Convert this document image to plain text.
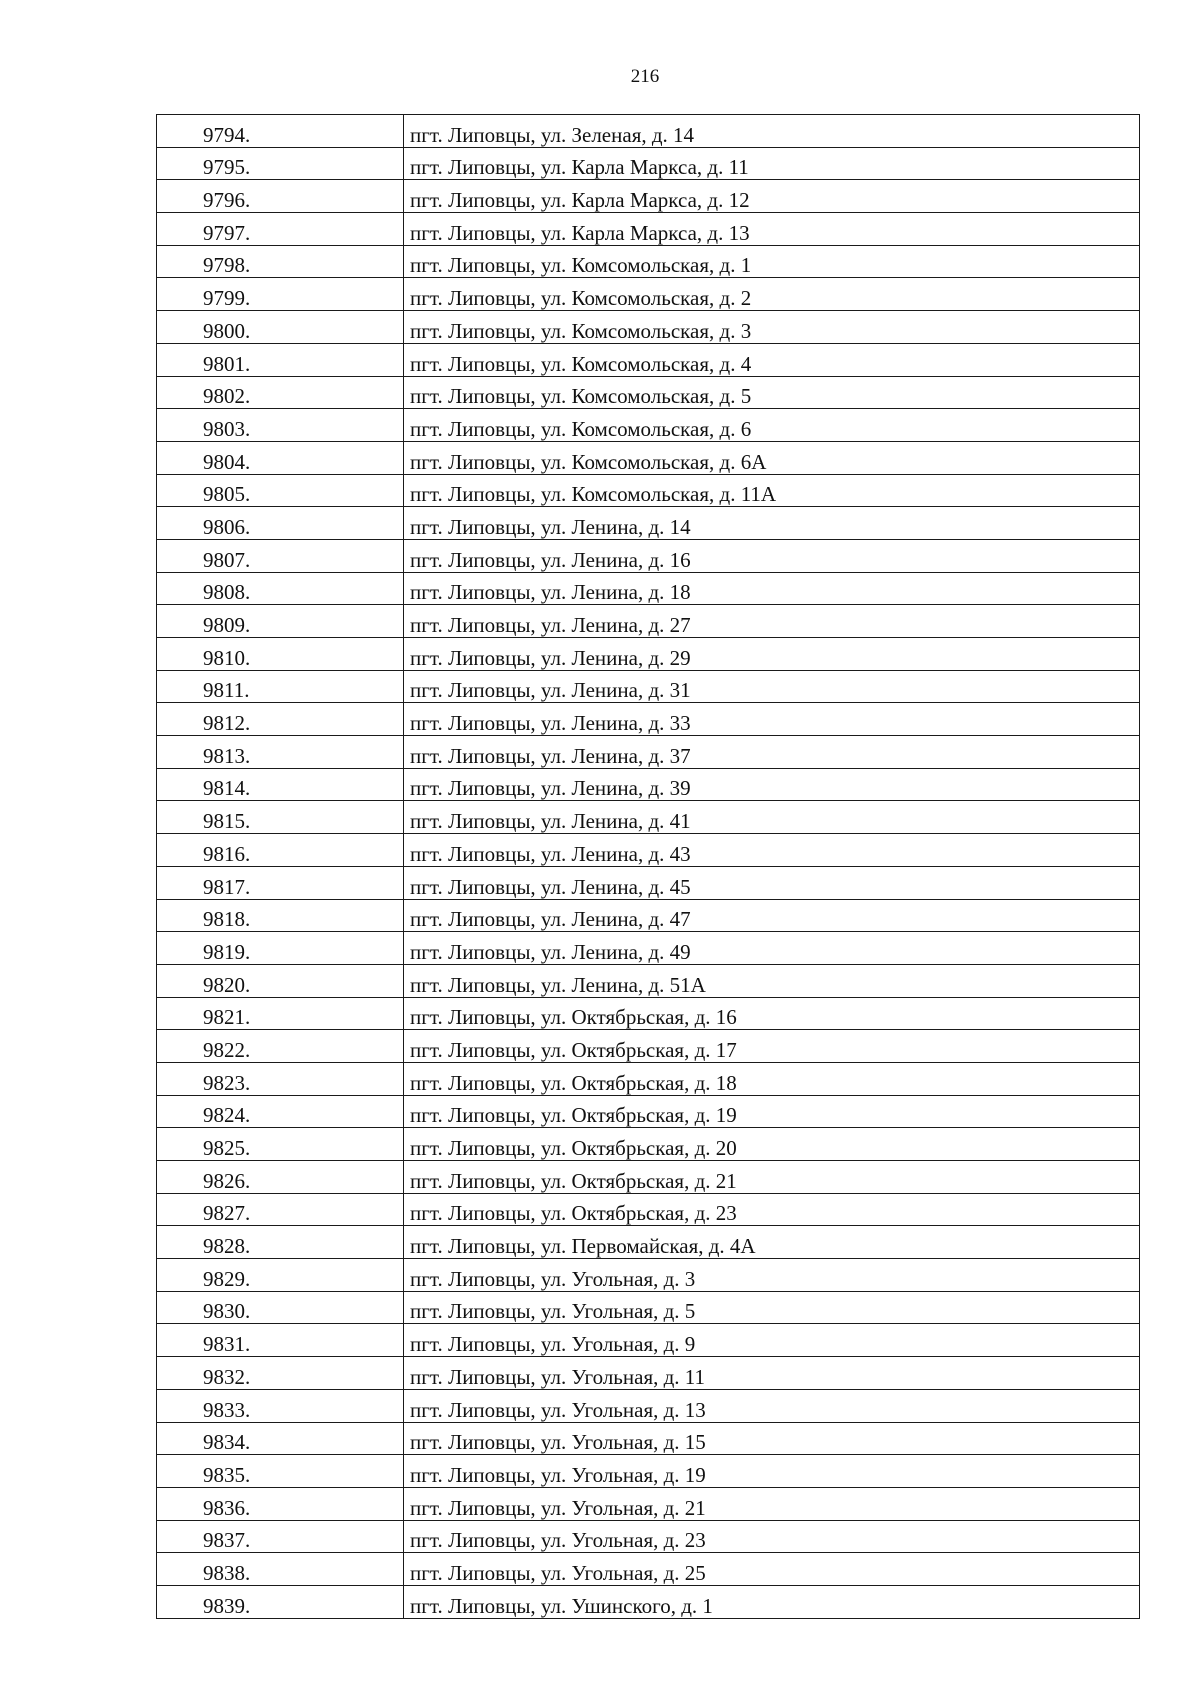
216
9794.	пгт. Липовцы, ул. Зеленая, д. 14
9795.	пгт. Липовцы, ул. Карла Маркса, д. 11
9796.	пгт. Липовцы, ул. Карла Маркса, д. 12
9797.	пгт. Липовцы, ул. Карла Маркса, д. 13
9798.	пгт. Липовцы, ул. Комсомольская, д. 1
9799.	пгт. Липовцы, ул. Комсомольская, д. 2
9800.	пгт. Липовцы, ул. Комсомольская, д. 3
9801.	пгт. Липовцы, ул. Комсомольская, д. 4
9802.	пгт. Липовцы, ул. Комсомольская, д. 5
9803.	пгт. Липовцы, ул. Комсомольская, д. 6
9804.	пгт. Липовцы, ул. Комсомольская, д. 6А
9805.	пгт. Липовцы, ул. Комсомольская, д. 11А
9806.	пгт. Липовцы, ул. Ленина, д. 14
9807.	пгт. Липовцы, ул. Ленина, д. 16
9808.	пгт. Липовцы, ул. Ленина, д. 18
9809.	пгт. Липовцы, ул. Ленина, д. 27
9810.	пгт. Липовцы, ул. Ленина, д. 29
9811.	пгт. Липовцы, ул. Ленина, д. 31
9812.	пгт. Липовцы, ул. Ленина, д. 33
9813.	пгт. Липовцы, ул. Ленина, д. 37
9814.	пгт. Липовцы, ул. Ленина, д. 39
9815.	пгт. Липовцы, ул. Ленина, д. 41
9816.	пгт. Липовцы, ул. Ленина, д. 43
9817.	пгт. Липовцы, ул. Ленина, д. 45
9818.	пгт. Липовцы, ул. Ленина, д. 47
9819.	пгт. Липовцы, ул. Ленина, д. 49
9820.	пгт. Липовцы, ул. Ленина, д. 51А
9821.	пгт. Липовцы, ул. Октябрьская, д. 16
9822.	пгт. Липовцы, ул. Октябрьская, д. 17
9823.	пгт. Липовцы, ул. Октябрьская, д. 18
9824.	пгт. Липовцы, ул. Октябрьская, д. 19
9825.	пгт. Липовцы, ул. Октябрьская, д. 20
9826.	пгт. Липовцы, ул. Октябрьская, д. 21
9827.	пгт. Липовцы, ул. Октябрьская, д. 23
9828.	пгт. Липовцы, ул. Первомайская, д. 4А
9829.	пгт. Липовцы, ул. Угольная, д. 3
9830.	пгт. Липовцы, ул. Угольная, д. 5
9831.	пгт. Липовцы, ул. Угольная, д. 9
9832.	пгт. Липовцы, ул. Угольная, д. 11
9833.	пгт. Липовцы, ул. Угольная, д. 13
9834.	пгт. Липовцы, ул. Угольная, д. 15
9835.	пгт. Липовцы, ул. Угольная, д. 19
9836.	пгт. Липовцы, ул. Угольная, д. 21
9837.	пгт. Липовцы, ул. Угольная, д. 23
9838.	пгт. Липовцы, ул. Угольная, д. 25
9839.	пгт. Липовцы, ул. Ушинского, д. 1
